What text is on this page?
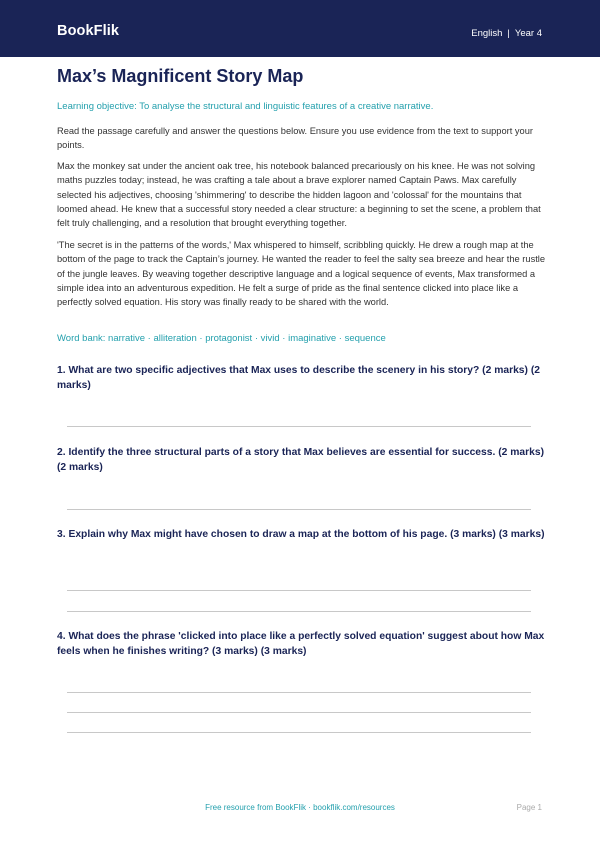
BookFlik	English | Year 4
Max’s Magnificent Story Map
Learning objective: To analyse the structural and linguistic features of a creative narrative.

Read the passage carefully and answer the questions below. Ensure you use evidence from the text to support your points.

Max the monkey sat under the ancient oak tree, his notebook balanced precariously on his knee. He was not solving maths puzzles today; instead, he was crafting a tale about a brave explorer named Captain Paws. Max carefully selected his adjectives, choosing 'shimmering' to describe the hidden lagoon and 'colossal' for the mountains that loomed ahead. He knew that a successful story needed a clear structure: a beginning to set the scene, a problem that felt truly challenging, and a resolution that brought everything together.

'The secret is in the patterns of the words,' Max whispered to himself, scribbling quickly. He drew a rough map at the bottom of the page to track the Captain’s journey. He wanted the reader to feel the salty sea breeze and hear the rustle of the jungle leaves. By weaving together descriptive language and a logical sequence of events, Max transformed a simple idea into an adventurous expedition. He felt a surge of pride as the final sentence clicked into place like a perfectly solved equation. His story was finally ready to be shared with the world.

Word bank: narrative · alliteration · protagonist · vivid · imaginative · sequence

1. What are two specific adjectives that Max uses to describe the scenery in his story? (2 marks) (2 marks)

2. Identify the three structural parts of a story that Max believes are essential for success. (2 marks) (2 marks)

3. Explain why Max might have chosen to draw a map at the bottom of his page. (3 marks) (3 marks)

4. What does the phrase 'clicked into place like a perfectly solved equation' suggest about how Max feels when he finishes writing? (3 marks) (3 marks)

Free resource from BookFlik · bookflik.com/resources	Page 1
